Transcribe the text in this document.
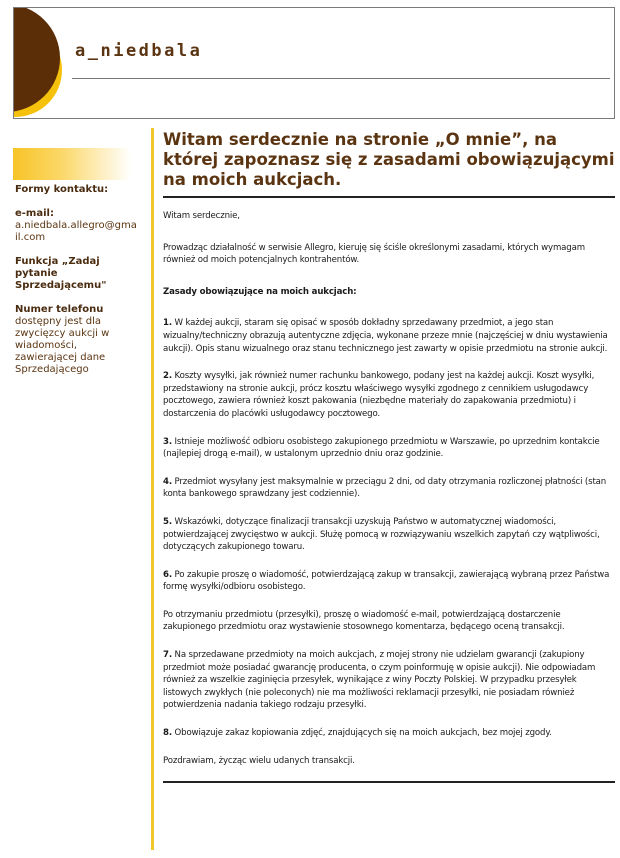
a_niedbala
Formy kontaktu:
e-mail:
a.niedbala.allegro@gma
il.com
Funkcja „Zadaj
pytanie
Sprzedającemu"
Numer telefonu
dostępny jest dla
zwycięzcy aukcji w
wiadomości,
zawierającej dane
Sprzedającego
Witam serdecznie na stronie „O mnie”, na której zapoznasz się z zasadami obowiązującymi na moich aukcjach.

Witam serdecznie,

Prowadząc działalność w serwisie Allegro, kieruję się ściśle określonymi zasadami, których wymagam również od moich potencjalnych kontrahentów.

Zasady obowiązujące na moich aukcjach:

1. W każdej aukcji, staram się opisać w sposób dokładny sprzedawany przedmiot, a jego stan wizualny/techniczny obrazują autentyczne zdjęcia, wykonane przeze mnie (najczęściej w dniu wystawienia aukcji). Opis stanu wizualnego oraz stanu technicznego jest zawarty w opisie przedmiotu na stronie aukcji.

2. Koszty wysyłki, jak również numer rachunku bankowego, podany jest na każdej aukcji. Koszt wysyłki, przedstawiony na stronie aukcji, prócz kosztu właściwego wysyłki zgodnego z cennikiem usługodawcy pocztowego, zawiera również koszt pakowania (niezbędne materiały do zapakowania przedmiotu) i dostarczenia do placówki usługodawcy pocztowego.

3. Istnieje możliwość odbioru osobistego zakupionego przedmiotu w Warszawie, po uprzednim kontakcie (najlepiej drogą e-mail), w ustalonym uprzednio dniu oraz godzinie.

4. Przedmiot wysyłany jest maksymalnie w przeciągu 2 dni, od daty otrzymania rozliczonej płatności (stan konta bankowego sprawdzany jest codziennie).

5. Wskazówki, dotyczące finalizacji transakcji uzyskują Państwo w automatycznej wiadomości, potwierdzającej zwycięstwo w aukcji. Służę pomocą w rozwiązywaniu wszelkich zapytań czy wątpliwości, dotyczących zakupionego towaru.

6. Po zakupie proszę o wiadomość, potwierdzającą zakup w transakcji, zawierającą wybraną przez Państwa formę wysyłki/odbioru osobistego.

Po otrzymaniu przedmiotu (przesyłki), proszę o wiadomość e-mail, potwierdzającą dostarczenie zakupionego przedmiotu oraz wystawienie stosownego komentarza, będącego oceną transakcji.

7. Na sprzedawane przedmioty na moich aukcjach, z mojej strony nie udzielam gwarancji (zakupiony przedmiot może posiadać gwarancję producenta, o czym poinformuję w opisie aukcji). Nie odpowiadam również za wszelkie zaginięcia przesyłek, wynikające z winy Poczty Polskiej. W przypadku przesyłek listowych zwykłych (nie poleconych) nie ma możliwości reklamacji przesyłki, nie posiadam również potwierdzenia nadania takiego rodzaju przesyłki.

8. Obowiązuje zakaz kopiowania zdjęć, znajdujących się na moich aukcjach, bez mojej zgody.

Pozdrawiam, życząc wielu udanych transakcji.
